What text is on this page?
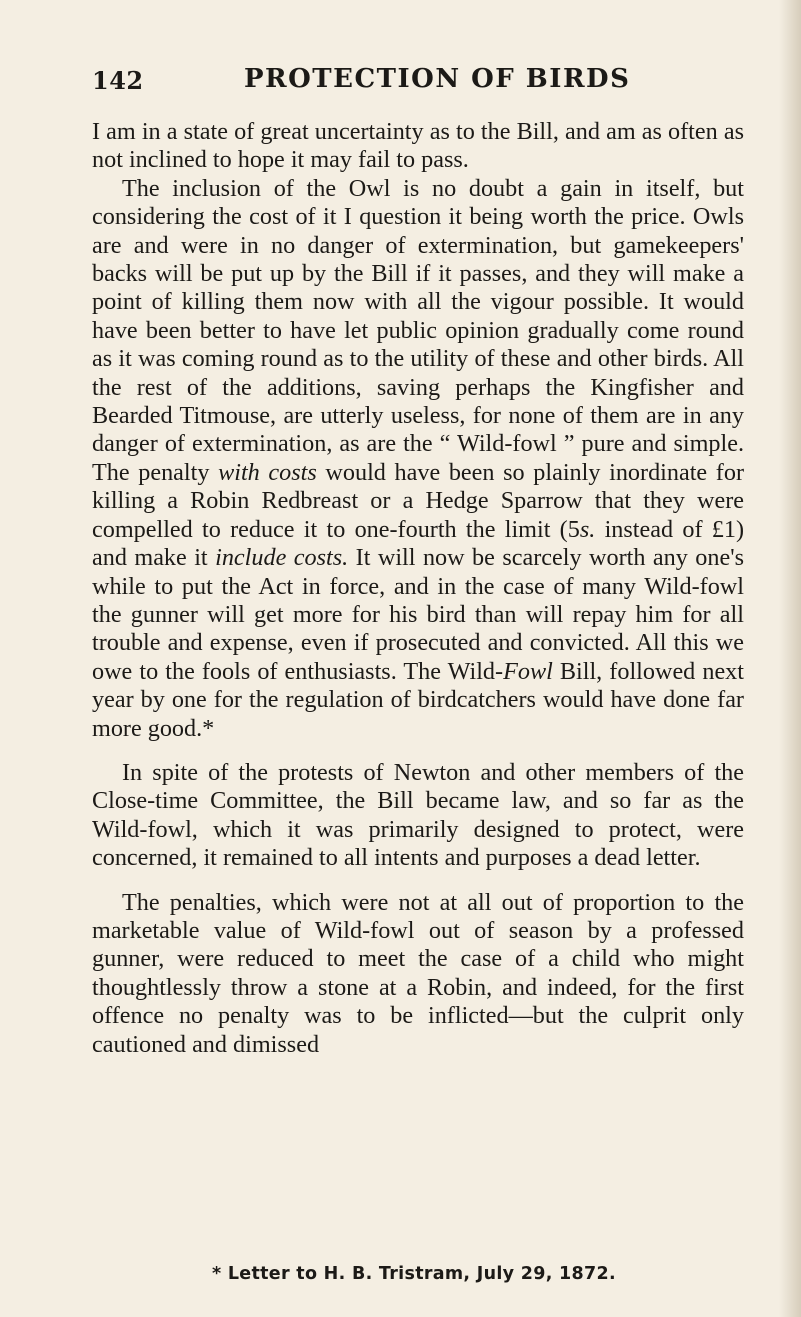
142	PROTECTION OF BIRDS

I am in a state of great uncertainty as to the Bill, and am as often as not inclined to hope it may fail to pass.

The inclusion of the Owl is no doubt a gain in itself, but considering the cost of it I question it being worth the price. Owls are and were in no danger of extermination, but gamekeepers' backs will be put up by the Bill if it passes, and they will make a point of killing them now with all the vigour possible. It would have been better to have let public opinion gradually come round as it was coming round as to the utility of these and other birds. All the rest of the additions, saving perhaps the Kingfisher and Bearded Titmouse, are utterly useless, for none of them are in any danger of extermination, as are the “ Wild-fowl ” pure and simple. The penalty with costs would have been so plainly inordinate for killing a Robin Redbreast or a Hedge Sparrow that they were compelled to reduce it to one-fourth the limit (5s. instead of £1) and make it include costs. It will now be scarcely worth any one's while to put the Act in force, and in the case of many Wild-fowl the gunner will get more for his bird than will repay him for all trouble and expense, even if prosecuted and convicted. All this we owe to the fools of enthusiasts. The Wild-Fowl Bill, followed next year by one for the regulation of birdcatchers would have done far more good.*

In spite of the protests of Newton and other members of the Close-time Committee, the Bill became law, and so far as the Wild-fowl, which it was primarily designed to protect, were concerned, it remained to all intents and purposes a dead letter.

The penalties, which were not at all out of proportion to the marketable value of Wild-fowl out of season by a professed gunner, were reduced to meet the case of a child who might thoughtlessly throw a stone at a Robin, and indeed, for the first offence no penalty was to be inflicted—but the culprit only cautioned and dimissed

* Letter to H. B. Tristram, July 29, 1872.
